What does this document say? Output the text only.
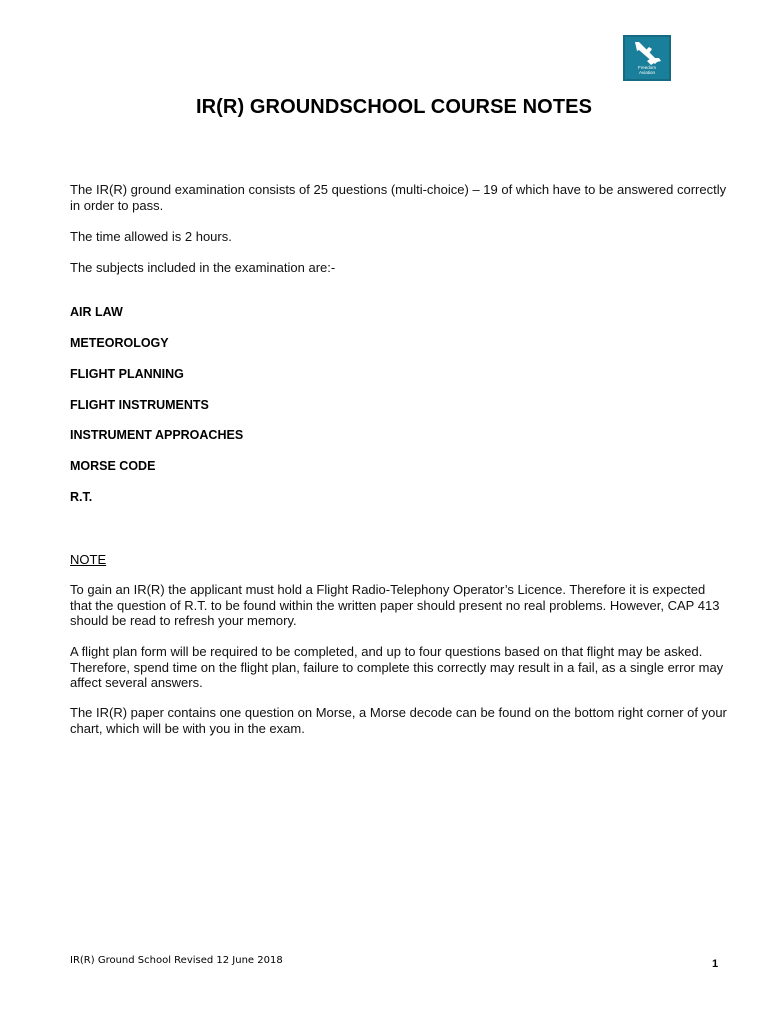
Freedom
Aviation
IR(R) GROUNDSCHOOL COURSE NOTES
The IR(R) ground examination consists of 25 questions (multi-choice) – 19 of which have to be answered correctly in order to pass.
The time allowed is 2 hours.
The subjects included in the examination are:-
AIR LAW
METEOROLOGY
FLIGHT PLANNING
FLIGHT INSTRUMENTS
INSTRUMENT APPROACHES
MORSE CODE
R.T.
NOTE
To gain an IR(R) the applicant must hold a Flight Radio-Telephony Operator’s Licence. Therefore it is expected that the question of R.T. to be found within the written paper should present no real problems. However, CAP 413 should be read to refresh your memory.
A flight plan form will be required to be completed, and up to four questions based on that flight may be asked. Therefore, spend time on the flight plan, failure to complete this correctly may result in a fail, as a single error may affect several answers.
The IR(R) paper contains one question on Morse, a Morse decode can be found on the bottom right corner of your chart, which will be with you in the exam.
IR(R) Ground School Revised 12 June 2018	1
